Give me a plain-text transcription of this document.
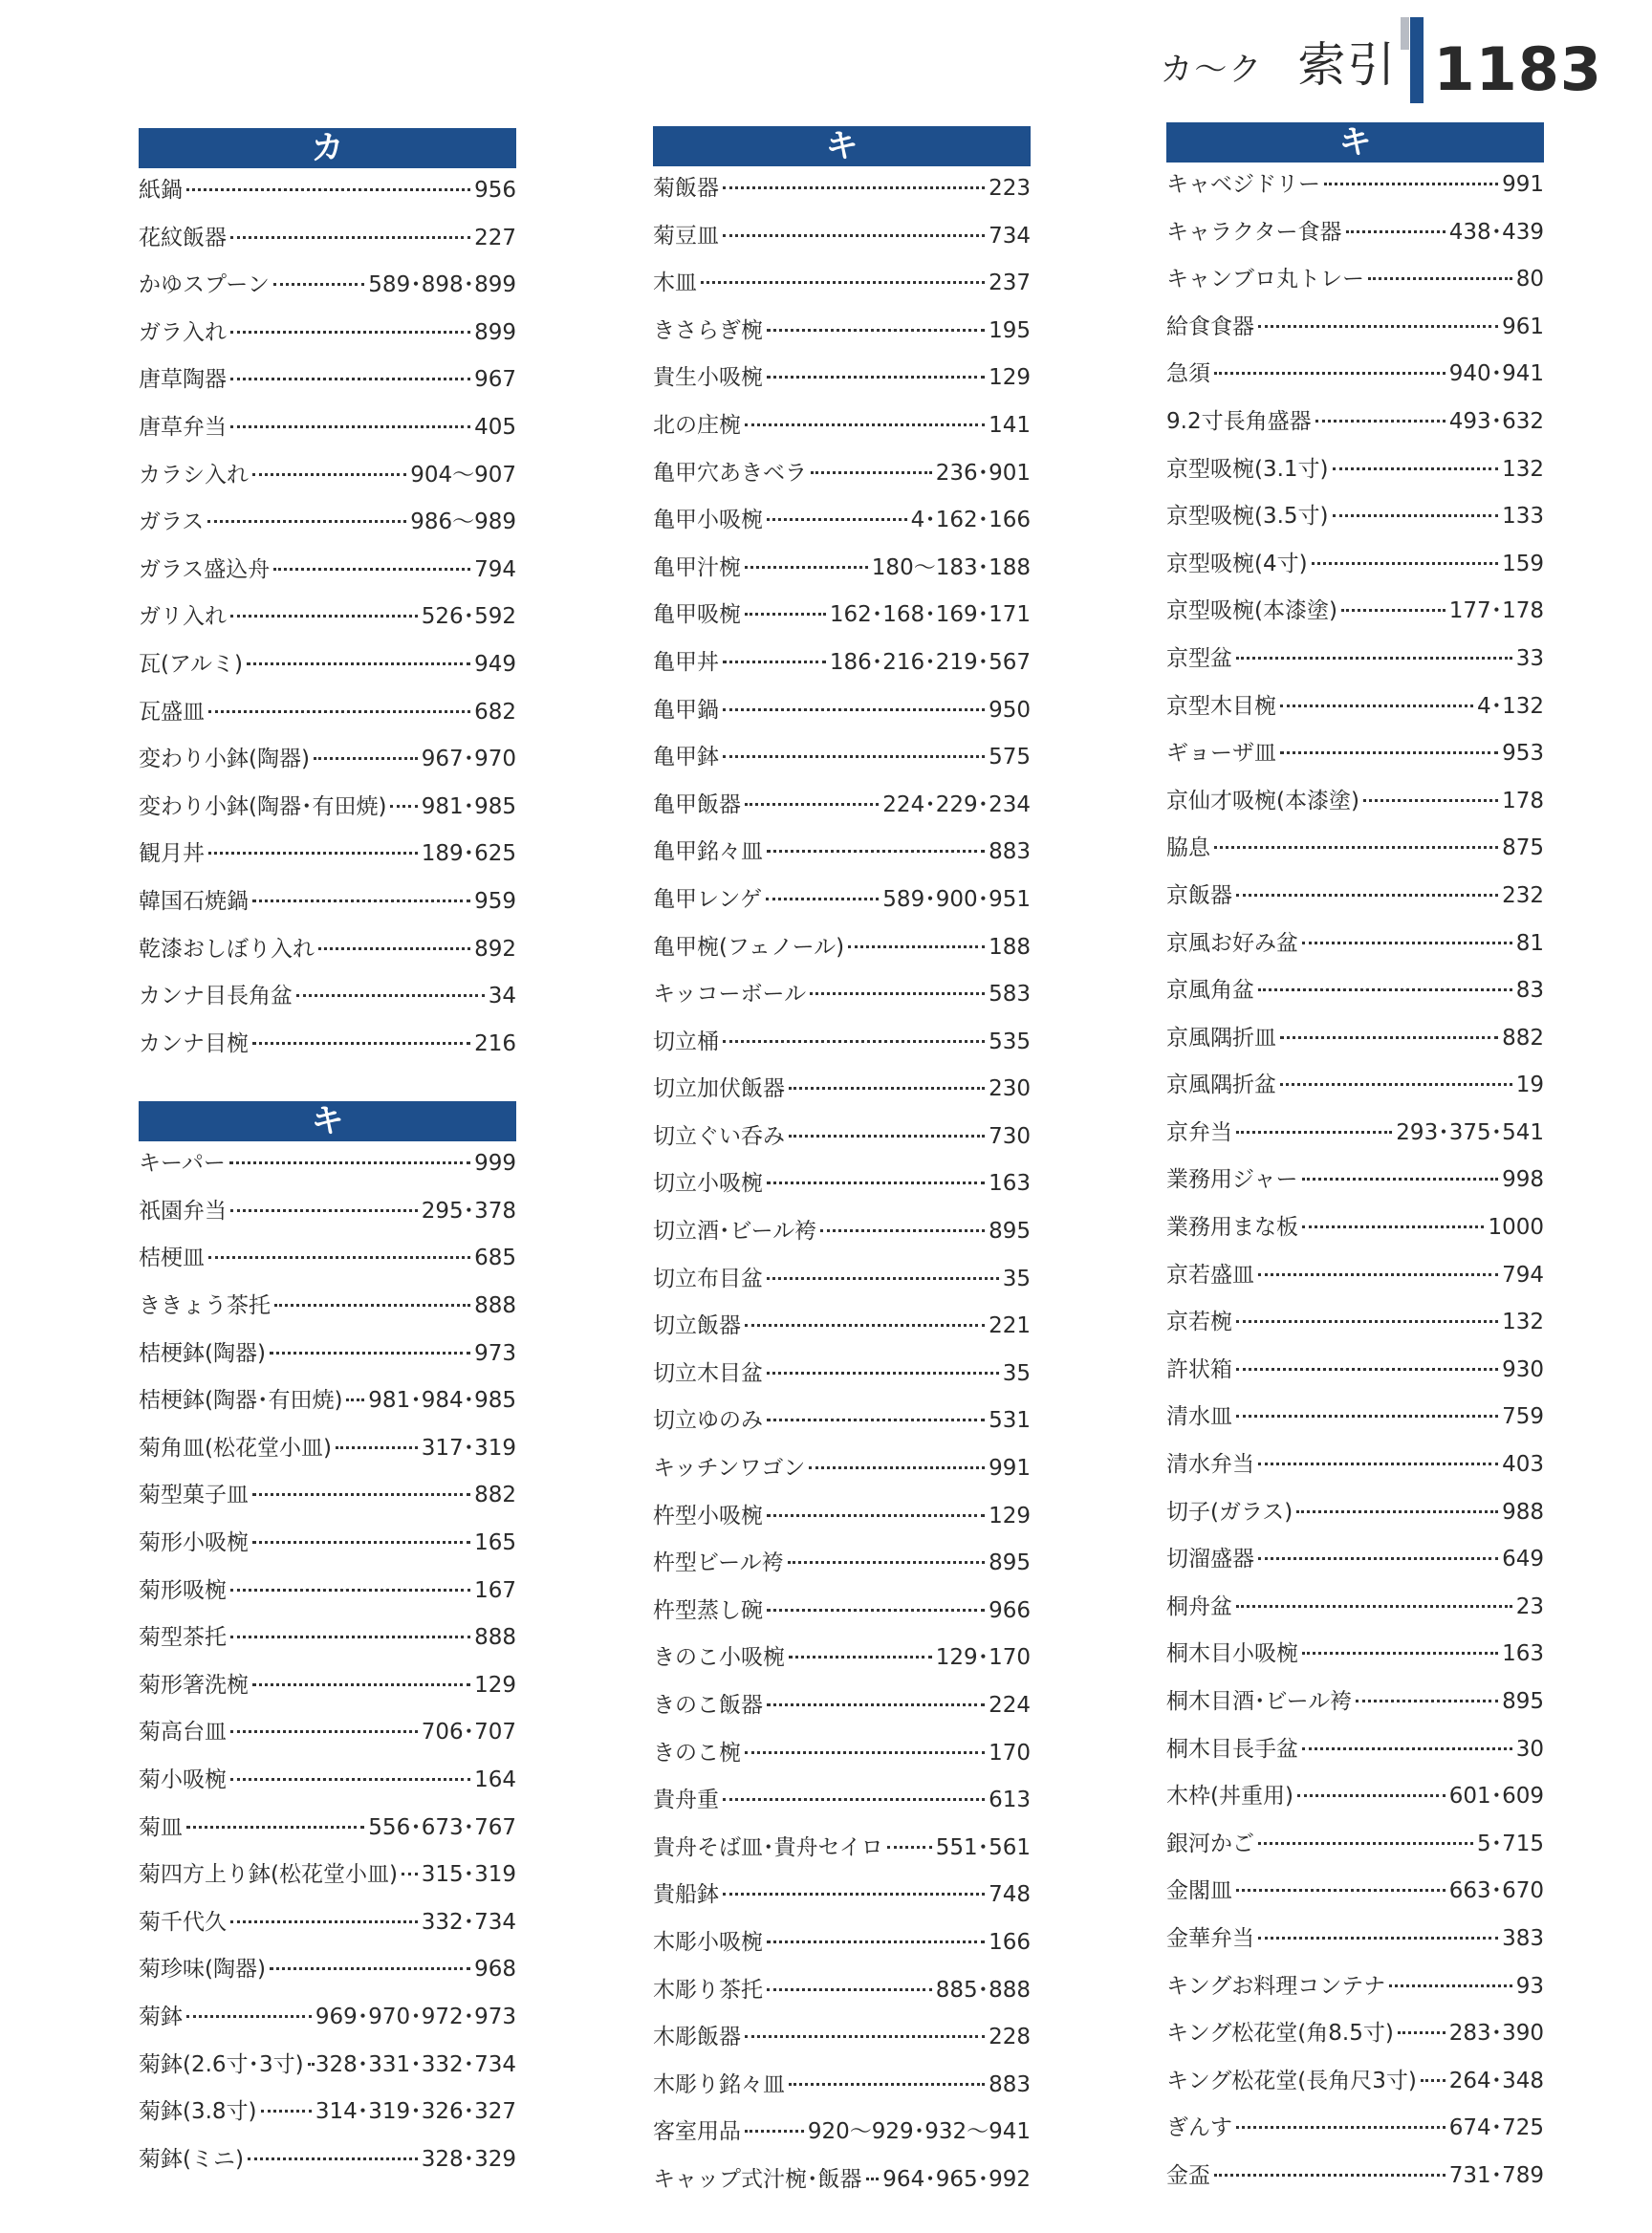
カ～ク 索引 1183
カ
紙鍋	956
花紋飯器	227
かゆスプーン	589･898･899
ガラ入れ	899
唐草陶器	967
唐草弁当	405
カラシ入れ	904～907
ガラス	986～989
ガラス盛込舟	794
ガリ入れ	526･592
瓦(アルミ)	949
瓦盛皿	682
変わり小鉢(陶器)	967･970
変わり小鉢(陶器･有田焼) 981･985
観月丼	189･625
韓国石焼鍋	959
乾漆おしぼり入れ	892
カンナ目長角盆	34
カンナ目椀	216
キ
キーパー	999
祇園弁当	295･378
桔梗皿	685
ききょう茶托	888
桔梗鉢(陶器)	973
桔梗鉢(陶器･有田焼) 981･984･985
菊角皿(松花堂小皿)	317･319
菊型菓子皿	882
菊形小吸椀	165
菊形吸椀	167
菊型茶托	888
菊形箸洗椀	129
菊高台皿	706･707
菊小吸椀	164
菊皿	556･673･767
菊四方上り鉢(松花堂小皿) 315･319
菊千代久	332･734
菊珍味(陶器)	968
菊鉢	969･970･972･973
菊鉢(2.6寸･3寸) 328･331･332･734
菊鉢(3.8寸)	314･319･326･327
菊鉢(ミニ)	328･329
キ
菊飯器	223
菊豆皿	734
木皿	237
きさらぎ椀	195
貴生小吸椀	129
北の庄椀	141
亀甲穴あきベラ	236･901
亀甲小吸椀	4･162･166
亀甲汁椀	180～183･188
亀甲吸椀	162･168･169･171
亀甲丼	186･216･219･567
亀甲鍋	950
亀甲鉢	575
亀甲飯器	224･229･234
亀甲銘々皿	883
亀甲レンゲ	589･900･951
亀甲椀(フェノール)	188
キッコーボール	583
切立桶	535
切立加伏飯器	230
切立ぐい呑み	730
切立小吸椀	163
切立酒･ビール袴	895
切立布目盆	35
切立飯器	221
切立木目盆	35
切立ゆのみ	531
キッチンワゴン	991
杵型小吸椀	129
杵型ビール袴	895
杵型蒸し碗	966
きのこ小吸椀	129･170
きのこ飯器	224
きのこ椀	170
貴舟重	613
貴舟そば皿･貴舟セイロ 551･561
貴船鉢	748
木彫小吸椀	166
木彫り茶托	885･888
木彫飯器	228
木彫り銘々皿	883
客室用品	920～929･932～941
キャップ式汁椀･飯器 964･965･992
キ
キャベジドリー	991
キャラクター食器	438･439
キャンブロ丸トレー	80
給食食器	961
急須	940･941
9.2寸長角盛器	493･632
京型吸椀(3.1寸)	132
京型吸椀(3.5寸)	133
京型吸椀(4寸)	159
京型吸椀(本漆塗)	177･178
京型盆	33
京型木目椀	4･132
ギョーザ皿	953
京仙才吸椀(本漆塗)	178
脇息	875
京飯器	232
京風お好み盆	81
京風角盆	83
京風隅折皿	882
京風隅折盆	19
京弁当	293･375･541
業務用ジャー	998
業務用まな板	1000
京若盛皿	794
京若椀	132
許状箱	930
清水皿	759
清水弁当	403
切子(ガラス)	988
切溜盛器	649
桐舟盆	23
桐木目小吸椀	163
桐木目酒･ビール袴	895
桐木目長手盆	30
木枠(丼重用)	601･609
銀河かご	5･715
金閣皿	663･670
金華弁当	383
キングお料理コンテナ	93
キング松花堂(角8.5寸)	283･390
キング松花堂(長角尺3寸) 264･348
ぎんす	674･725
金盃	731･789
